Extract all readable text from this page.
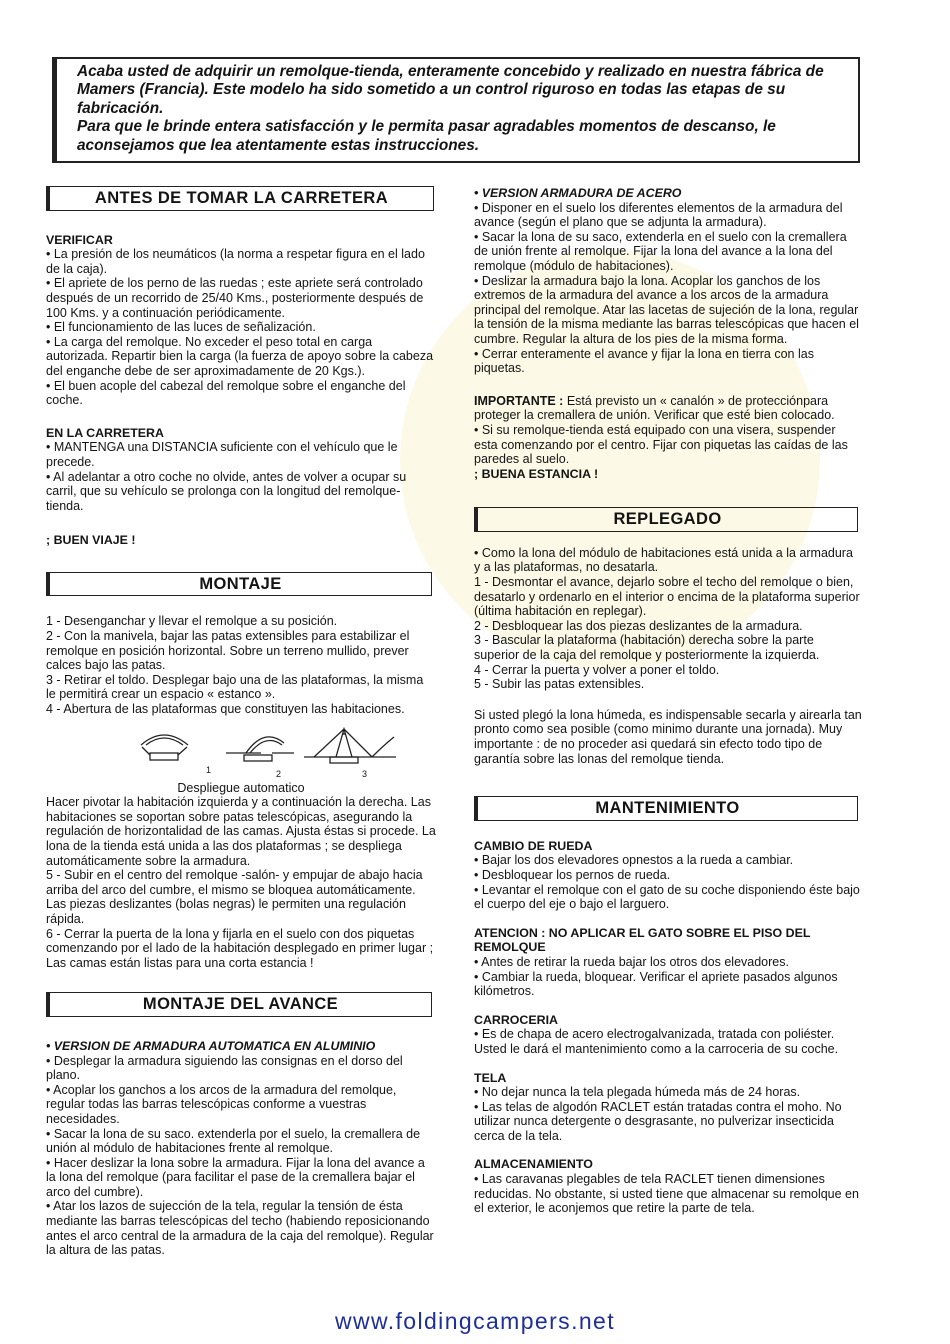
Acaba usted de adquirir un remolque-tienda, enteramente concebido y realizado en nuestra fábrica de Mamers (Francia). Este modelo ha sido sometido a un control riguroso en todas las etapas de su fabricación.

Para que le brinde entera satisfacción y le permita pasar agradables momentos de descanso, le aconsejamos que lea atentamente estas instrucciones.

ANTES DE TOMAR LA CARRETERA

VERIFICAR

• La presión de los neumáticos (la norma a respetar figura en el lado de la caja).

• El apriete de los perno de las ruedas ; este apriete será controlado después de un recorrido de 25/40 Kms., posteriormente después de 100 Kms. y a continuación periódicamente.

• El funcionamiento de las luces de señalización.

• La carga del remolque. No exceder el peso total en carga autorizada. Repartir bien la carga (la fuerza de apoyo sobre la cabeza del enganche debe de ser aproximadamente de 20 Kgs.).

• El buen acople del cabezal del remolque sobre el enganche del coche.

EN LA CARRETERA

• MANTENGA una DISTANCIA suficiente con el vehículo que le precede.

• Al adelantar a otro coche no olvide, antes de volver a ocupar su carril, que su vehículo se prolonga con la longitud del remolque-tienda.

; BUEN VIAJE !

MONTAJE

1 - Desenganchar y llevar el remolque a su posición.

2 - Con la manivela, bajar las patas extensibles para estabilizar el remolque en posición horizontal. Sobre un terreno mullido, prever calces bajo las patas.

3 - Retirar el toldo. Desplegar bajo una de las plataformas, la misma le permitirá crear un espacio « estanco ».

4 - Abertura de las plataformas que constituyen las habitaciones.

1	2	3

Despliegue automatico

Hacer pivotar la habitación izquierda y a continuación la derecha. Las habitaciones se soportan sobre patas telescópicas, asegurando la regulación de horizontalidad de las camas. Ajusta éstas si procede. La lona de la tienda está unida a las dos plataformas ; se despliega automáticamente sobre la armadura.

5 - Subir en el centro del remolque -salón- y empujar de abajo hacia arriba del arco del cumbre, el mismo se bloquea automáticamente. Las piezas deslizantes (bolas negras) le permiten una regulación rápida.

6 - Cerrar la puerta de la lona y fijarla en el suelo con dos piquetas comenzando por el lado de la habitación desplegado en primer lugar ; Las camas están listas para una corta estancia !

MONTAJE DEL AVANCE

• VERSION DE ARMADURA AUTOMATICA EN ALUMINIO

• Desplegar la armadura siguiendo las consignas en el dorso del plano.

• Acoplar los ganchos a los arcos de la armadura del remolque, regular todas las barras telescópicas conforme a vuestras necesidades.

• Sacar la lona de su saco. extenderla por el suelo, la cremallera de unión al módulo de habitaciones frente al remolque.

• Hacer deslizar la lona sobre la armadura. Fijar la lona del avance a la lona del remolque (para facilitar el pase de la cremallera bajar el arco del cumbre).

• Atar los lazos de sujección de la tela, regular la tensión de ésta mediante las barras telescópicas del techo (habiendo reposicionando antes el arco central de la armadura de la caja del remolque). Regular la altura de las patas.

• VERSION ARMADURA DE ACERO

• Disponer en el suelo los diferentes elementos de la armadura del avance (según el plano que se adjunta la armadura).

• Sacar la lona de su saco, extenderla en el suelo con la cremallera de unión frente al remolque. Fijar la lona del avance a la lona del remolque (módulo de habitaciones).

• Deslizar la armadura bajo la lona. Acoplar los ganchos de los extremos de la armadura del avance a los arcos de la armadura principal del remolque. Atar las lacetas de sujeción de la lona, regular la tensión de la misma mediante las barras telescópicas que hacen el cumbre. Regular la altura de los pies de la misma forma.

• Cerrar enteramente el avance y fijar la lona en tierra con las piquetas.

IMPORTANTE : Está previsto un « canalón » de protecciónpara proteger la cremallera de unión. Verificar que esté bien colocado.

• Si su remolque-tienda está equipado con una visera, suspender esta comenzando por el centro. Fijar con piquetas las caídas de las paredes al suelo.

; BUENA ESTANCIA !

REPLEGADO

• Como la lona del módulo de habitaciones está unida a la armadura y a las plataformas, no desatarla.

1 - Desmontar el avance, dejarlo sobre el techo del remolque o bien, desatarlo y ordenarlo en el interior o encima de la plataforma superior (última habitación en replegar).

2 - Desbloquear las dos piezas deslizantes de la armadura.

3 - Bascular la plataforma (habitación) derecha sobre la parte superior de la caja del remolque y posteriormente la izquierda.

4 - Cerrar la puerta y volver a poner el toldo.

5 - Subir las patas extensibles.

Si usted plegó la lona húmeda, es indispensable secarla y airearla tan pronto como sea posible (como minimo durante una jornada). Muy importante : de no proceder asi quedará sin efecto todo tipo de garantía sobre las lonas del remolque tienda.

MANTENIMIENTO

CAMBIO DE RUEDA

• Bajar los dos elevadores opnestos a la rueda a cambiar.

• Desbloquear los pernos de rueda.

• Levantar el remolque con el gato de su coche disponiendo éste bajo el cuerpo del eje o bajo el larguero.

ATENCION : NO APLICAR EL GATO SOBRE EL PISO DEL REMOLQUE

• Antes de retirar la rueda bajar los otros dos elevadores.

• Cambiar la rueda, bloquear. Verificar el apriete pasados algunos kilómetros.

CARROCERIA

• Es de chapa de acero electrogalvanizada, tratada con poliéster. Usted le dará el mantenimiento como a la carroceria de su coche.

TELA

• No dejar nunca la tela plegada húmeda más de 24 horas.

• Las telas de algodón RACLET están tratadas contra el moho. No utilizar nunca detergente o desgrasante, no pulverizar insecticida cerca de la tela.

ALMACENAMIENTO

• Las caravanas plegables de tela RACLET tienen dimensiones reducidas. No obstante, si usted tiene que almacenar su remolque en el exterior, le aconjemos que retire la parte de tela.

www.foldingcampers.net
